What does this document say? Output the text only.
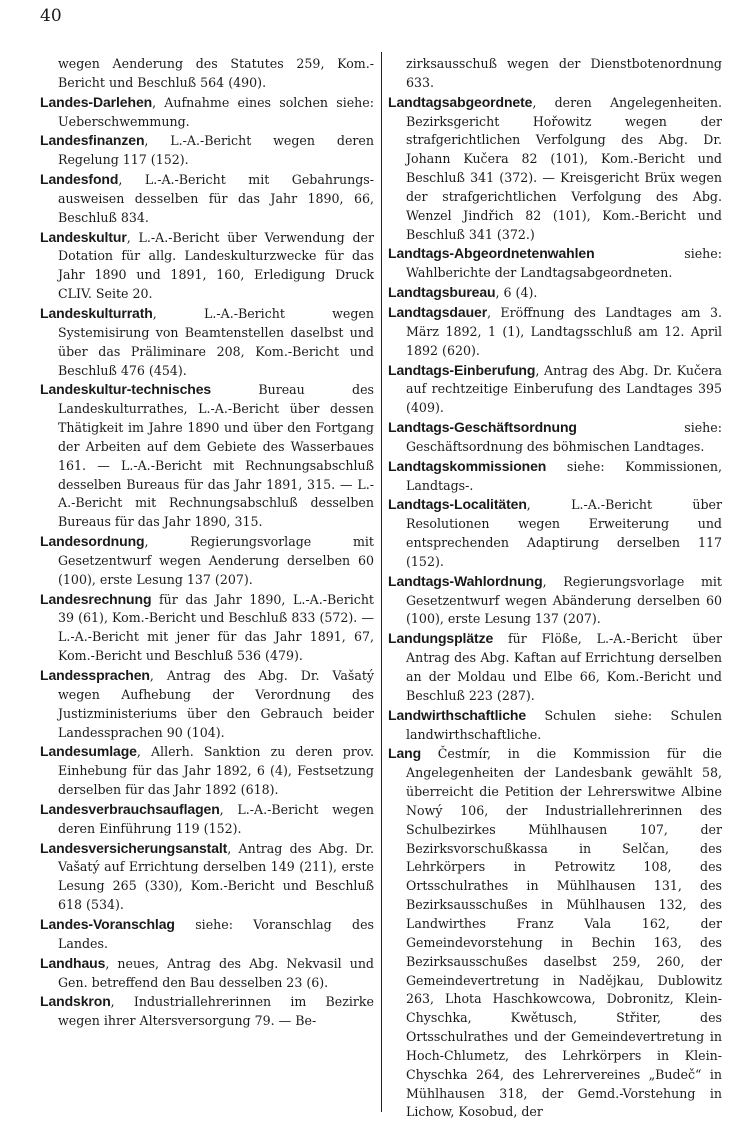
40

wegen Aenderung des Statutes 259, Kom.-Bericht und Beschluß 564 (490).

Landes-Darlehen, Aufnahme eines solchen siehe: Ueberschwemmung.

Landesfinanzen, L.-A.-Bericht wegen deren Regelung 117 (152).

Landesfond, L.-A.-Bericht mit Gebahrungs-ausweisen desselben für das Jahr 1890, 66, Beschluß 834.

Landeskultur, L.-A.-Bericht über Verwendung der Dotation für allg. Landeskulturzwecke für das Jahr 1890 und 1891, 160, Erledigung Druck CLIV. Seite 20.

Landeskulturrath, L.-A.-Bericht wegen Systemisirung von Beamtenstellen daselbst und über das Präliminare 208, Kom.-Bericht und Beschluß 476 (454).

Landeskultur-technisches Bureau des Landeskulturrathes, L.-A.-Bericht über dessen Thätigkeit im Jahre 1890 und über den Fortgang der Arbeiten auf dem Gebiete des Wasserbaues 161. — L.-A.-Bericht mit Rechnungsabschluß desselben Bureaus für das Jahr 1891, 315. — L.-A.-Bericht mit Rechnungsabschluß desselben Bureaus für das Jahr 1890, 315.

Landesordnung, Regierungsvorlage mit Gesetzentwurf wegen Aenderung derselben 60 (100), erste Lesung 137 (207).

Landesrechnung für das Jahr 1890, L.-A.-Bericht 39 (61), Kom.-Bericht und Beschluß 833 (572). — L.-A.-Bericht mit jener für das Jahr 1891, 67, Kom.-Bericht und Beschluß 536 (479).

Landessprachen, Antrag des Abg. Dr. Vašatý wegen Aufhebung der Verordnung des Justizministeriums über den Gebrauch beider Landessprachen 90 (104).

Landesumlage, Allerh. Sanktion zu deren prov. Einhebung für das Jahr 1892, 6 (4), Festsetzung derselben für das Jahr 1892 (618).

Landesverbrauchsauflagen, L.-A.-Bericht wegen deren Einführung 119 (152).

Landesversicherungsanstalt, Antrag des Abg. Dr. Vašatý auf Errichtung derselben 149 (211), erste Lesung 265 (330), Kom.-Bericht und Beschluß 618 (534).

Landes-Voranschlag siehe: Voranschlag des Landes.

Landhaus, neues, Antrag des Abg. Nekvasil und Gen. betreffend den Bau desselben 23 (6).

Landskron, Industriallehrerinnen im Bezirke wegen ihrer Altersversorgung 79. — Be-

zirksausschuß wegen der Dienstbotenordnung 633.

Landtagsabgeordnete, deren Angelegenheiten. Bezirksgericht Hořowitz wegen der strafgerichtlichen Verfolgung des Abg. Dr. Johann Kučera 82 (101), Kom.-Bericht und Beschluß 341 (372). — Kreisgericht Brüx wegen der strafgerichtlichen Verfolgung des Abg. Wenzel Jindřich 82 (101), Kom.-Bericht und Beschluß 341 (372.)

Landtags-Abgeordnetenwahlen siehe: Wahlberichte der Landtagsabgeordneten.

Landtagsbureau, 6 (4).

Landtagsdauer, Eröffnung des Landtages am 3. März 1892, 1 (1), Landtagsschluß am 12. April 1892 (620).

Landtags-Einberufung, Antrag des Abg. Dr. Kučera auf rechtzeitige Einberufung des Landtages 395 (409).

Landtags-Geschäftsordnung siehe: Geschäftsordnung des böhmischen Landtages.

Landtagskommissionen siehe: Kommissionen, Landtags-.

Landtags-Localitäten, L.-A.-Bericht über Resolutionen wegen Erweiterung und entsprechenden Adaptirung derselben 117 (152).

Landtags-Wahlordnung, Regierungsvorlage mit Gesetzentwurf wegen Abänderung derselben 60 (100), erste Lesung 137 (207).

Landungsplätze für Flöße, L.-A.-Bericht über Antrag des Abg. Kaftan auf Errichtung derselben an der Moldau und Elbe 66, Kom.-Bericht und Beschluß 223 (287).

Landwirthschaftliche Schulen siehe: Schulen landwirthschaftliche.

Lang Čestmír, in die Kommission für die Angelegenheiten der Landesbank gewählt 58, überreicht die Petition der Lehrerswitwe Albine Nowý 106, der Industriallehrerinnen des Schulbezirkes Mühlhausen 107, der Bezirksvorschußkassa in Selčan, des Lehrkörpers in Petrowitz 108, des Ortsschulrathes in Mühlhausen 131, des Bezirksausschußes in Mühlhausen 132, des Landwirthes Franz Vala 162, der Gemeindevorstehung in Bechin 163, des Bezirksausschußes daselbst 259, 260, der Gemeindevertretung in Nadějkau, Dublowitz 263, Lhota Haschkowcowa, Dobronitz, Klein-Chyschka, Kwětusch, Střiter, des Ortsschulrathes und der Gemeindevertretung in Hoch-Chlumetz, des Lehrkörpers in Klein-Chyschka 264, des Lehrervereines „Budeč“ in Mühlhausen 318, der Gemd.-Vorstehung in Lichow, Kosobud, der
